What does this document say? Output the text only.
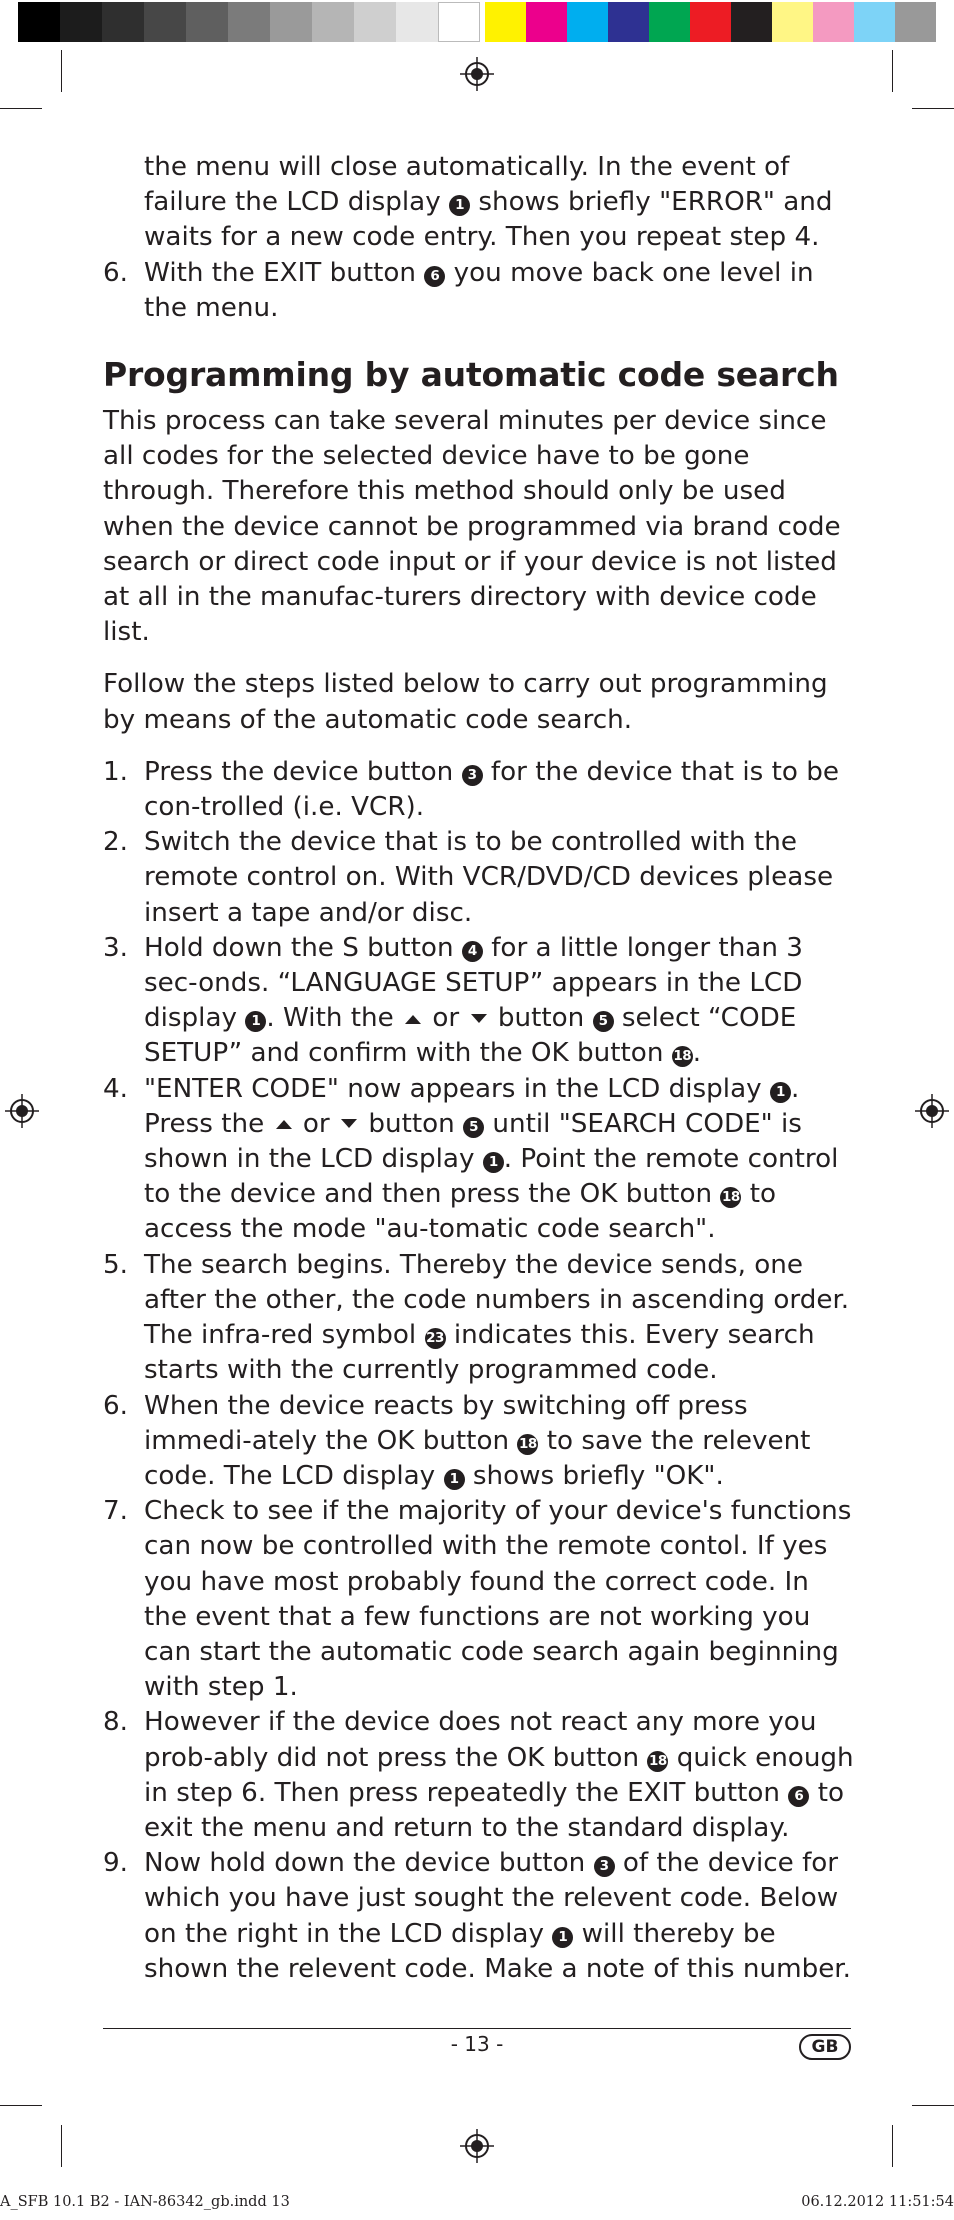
the menu will close automatically. In the event of failure the LCD display 1 shows briefly "ERROR" and waits for a new code entry. Then you repeat step 4.

6. With the EXIT button 6 you move back one level in the menu.
Programming by automatic code search

This process can take several minutes per device since all codes for the selected device have to be gone through. Therefore this method should only be used when the device cannot be programmed via brand code search or direct code input or if your device is not listed at all in the manufac-turers directory with device code list.

Follow the steps listed below to carry out programming by means of the automatic code search.

1. Press the device button 3 for the device that is to be con-trolled (i.e. VCR).
2. Switch the device that is to be controlled with the remote control on. With VCR/DVD/CD devices please insert a tape and/or disc.
3. Hold down the S button 4 for a little longer than 3 sec-onds. “LANGUAGE SETUP” appears in the LCD display 1 . With the or button 5 select “CODE SETUP” and confirm with the OK button 18.
4. "ENTER CODE" now appears in the LCD display 1 . Press the or button 5 until "SEARCH CODE" is shown in the LCD display 1 . Point the remote control to the device and then press the OK button 18 to access the mode "au-tomatic code search".
5. The search begins. Thereby the device sends, one after the other, the code numbers in ascending order. The infra-red symbol 23 indicates this. Every search starts with the currently programmed code.
6. When the device reacts by switching off press immedi-ately the OK button 18 to save the relevent code. The LCD display 1 shows briefly "OK".
7. Check to see if the majority of your device's functions can now be controlled with the remote contol. If yes you have most probably found the correct code. In the event that a few functions are not working you can start the automatic code search again beginning with step 1.
8. However if the device does not react any more you prob-ably did not press the OK button 18 quick enough in step 6. Then press repeatedly the EXIT button 6 to exit the menu and return to the standard display.
9. Now hold down the device button 3 of the device for which you have just sought the relevent code. Below on the right in the LCD display 1 will thereby be shown the relevent code. Make a note of this number.
- 13 -	GB
A_SFB 10.1 B2 - IAN-86342_gb.indd 13	06.12.2012 11:51:54
